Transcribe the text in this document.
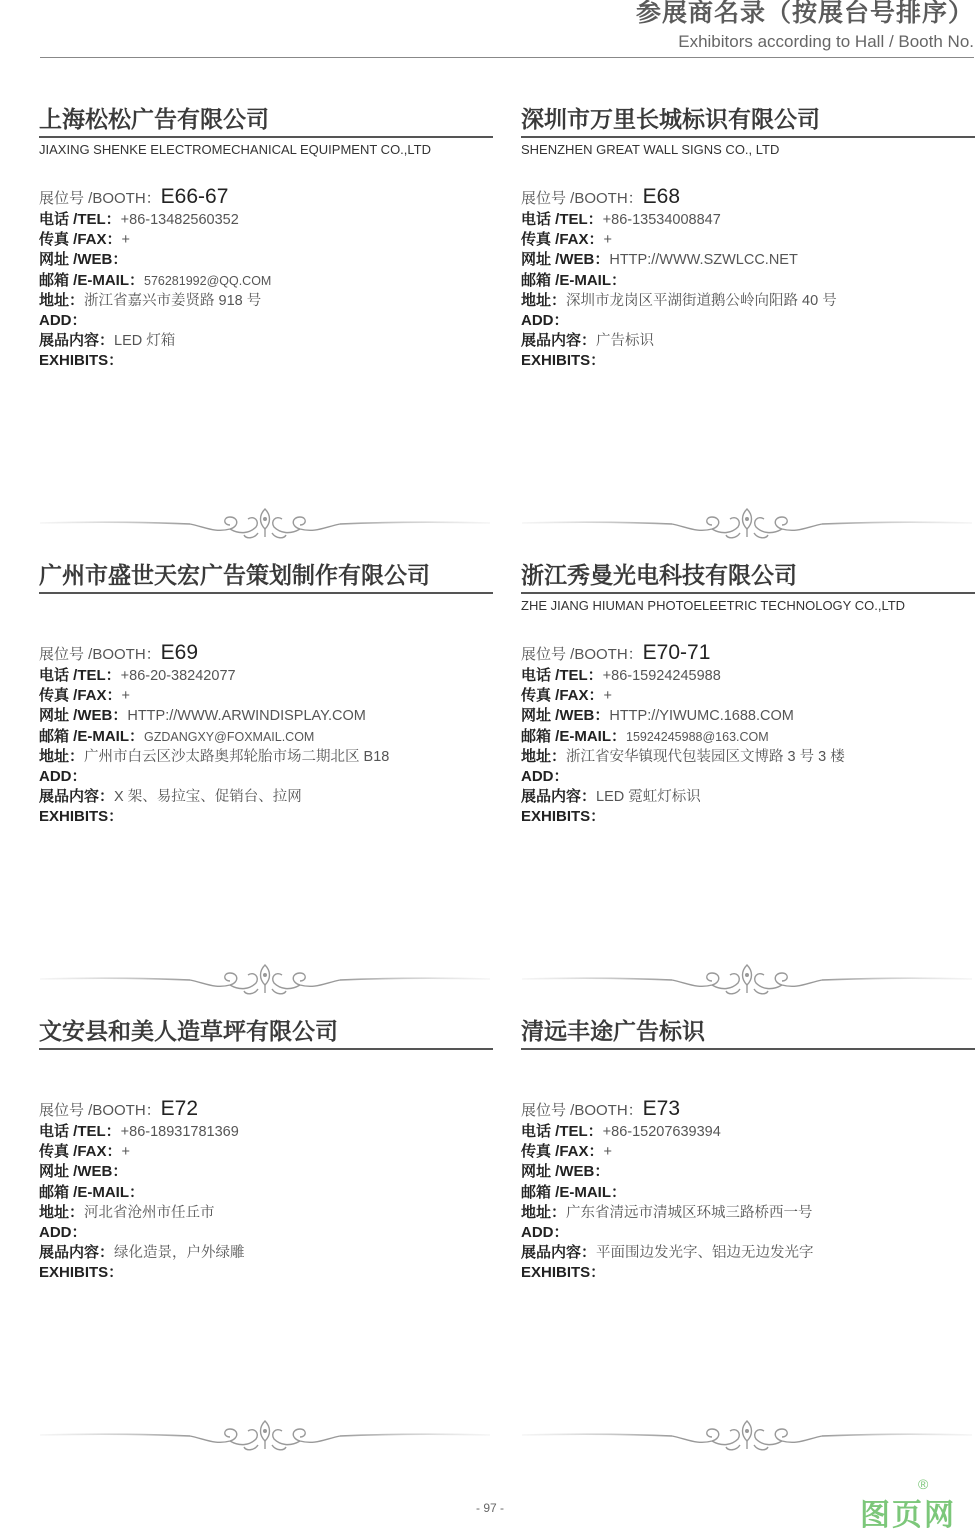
参展商名录（按展台号排序）
Exhibitors according to Hall / Booth No.
上海松松广告有限公司
JIAXING SHENKE ELECTROMECHANICAL EQUIPMENT CO.,LTD
展位号 /BOOTH：E66-67
电话 /TEL：+86-13482560352
传真 /FAX：+
网址 /WEB：
邮箱 /E-MAIL：576281992@QQ.COM
地址：浙江省嘉兴市姜贤路 918 号
ADD：
展品内容：LED 灯箱
EXHIBITS：
深圳市万里长城标识有限公司
SHENZHEN GREAT WALL SIGNS CO., LTD
展位号 /BOOTH：E68
电话 /TEL：+86-13534008847
传真 /FAX：+
网址 /WEB：HTTP://WWW.SZWLCC.NET
邮箱 /E-MAIL：
地址：深圳市龙岗区平湖街道鹅公岭向阳路 40 号
ADD：
展品内容：广告标识
EXHIBITS：
广州市盛世天宏广告策划制作有限公司
展位号 /BOOTH：E69
电话 /TEL：+86-20-38242077
传真 /FAX：+
网址 /WEB：HTTP://WWW.ARWINDISPLAY.COM
邮箱 /E-MAIL：GZDANGXY@FOXMAIL.COM
地址：广州市白云区沙太路奥邦轮胎市场二期北区 B18
ADD：
展品内容：X 架、易拉宝、促销台、拉网
EXHIBITS：
浙江秀曼光电科技有限公司
ZHE JIANG HIUMAN PHOTOELEETRIC TECHNOLOGY CO.,LTD
展位号 /BOOTH：E70-71
电话 /TEL：+86-15924245988
传真 /FAX：+
网址 /WEB：HTTP://YIWUMC.1688.COM
邮箱 /E-MAIL：15924245988@163.COM
地址：浙江省安华镇现代包装园区文博路 3 号 3 楼
ADD：
展品内容：LED 霓虹灯标识
EXHIBITS：
文安县和美人造草坪有限公司
展位号 /BOOTH：E72
电话 /TEL：+86-18931781369
传真 /FAX：+
网址 /WEB：
邮箱 /E-MAIL：
地址：河北省沧州市任丘市
ADD：
展品内容：绿化造景，户外绿雕
EXHIBITS：
清远丰途广告标识
展位号 /BOOTH：E73
电话 /TEL：+86-15207639394
传真 /FAX：+
网址 /WEB：
邮箱 /E-MAIL：
地址：广东省清远市清城区环城三路桥西一号
ADD：
展品内容：平面围边发光字、铝边无边发光字
EXHIBITS：
- 97 -	图页网
®
